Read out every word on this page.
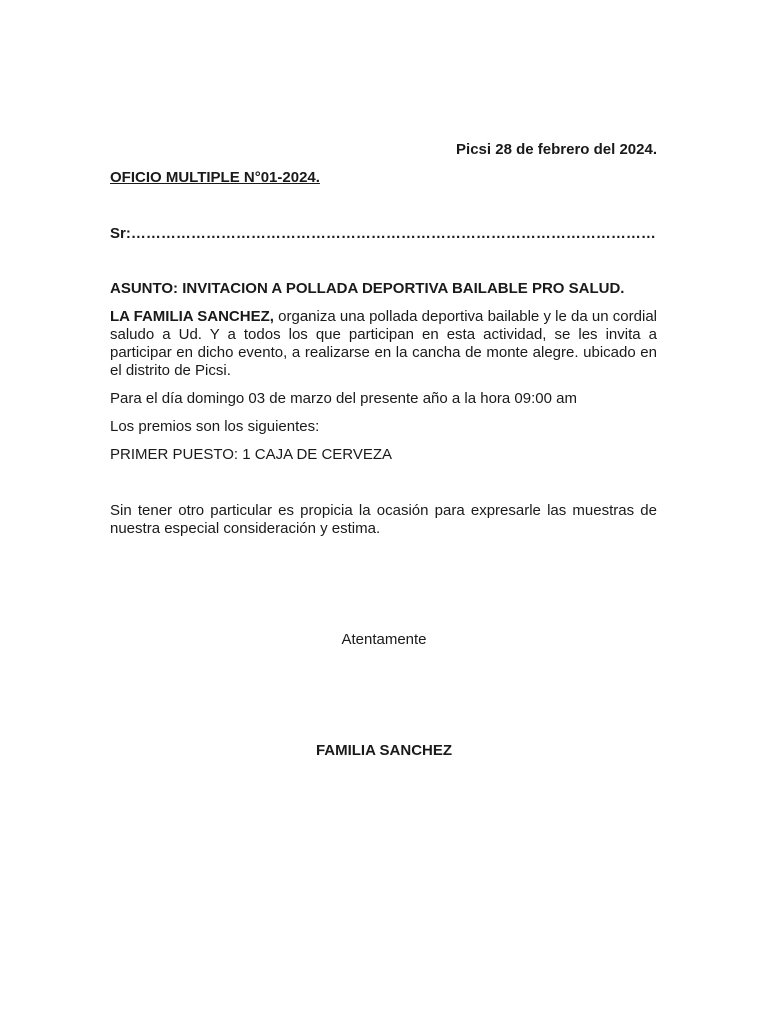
Picsi 28 de febrero del 2024.
OFICIO MULTIPLE N°01-2024.
Sr:……………………………………………………………………………………………
ASUNTO: INVITACION A POLLADA DEPORTIVA BAILABLE PRO SALUD.
LA FAMILIA SANCHEZ, organiza una pollada deportiva bailable y le da un cordial saludo a Ud. Y a todos los que participan en esta actividad, se les invita a participar en dicho evento, a realizarse en la cancha de monte alegre. ubicado en el distrito de Picsi.
Para el día domingo 03 de marzo del presente año a la hora 09:00 am
Los premios son los siguientes:
PRIMER PUESTO: 1 CAJA DE CERVEZA
Sin tener otro particular es propicia la ocasión para expresarle las muestras de nuestra especial consideración y estima.
Atentamente
FAMILIA SANCHEZ
